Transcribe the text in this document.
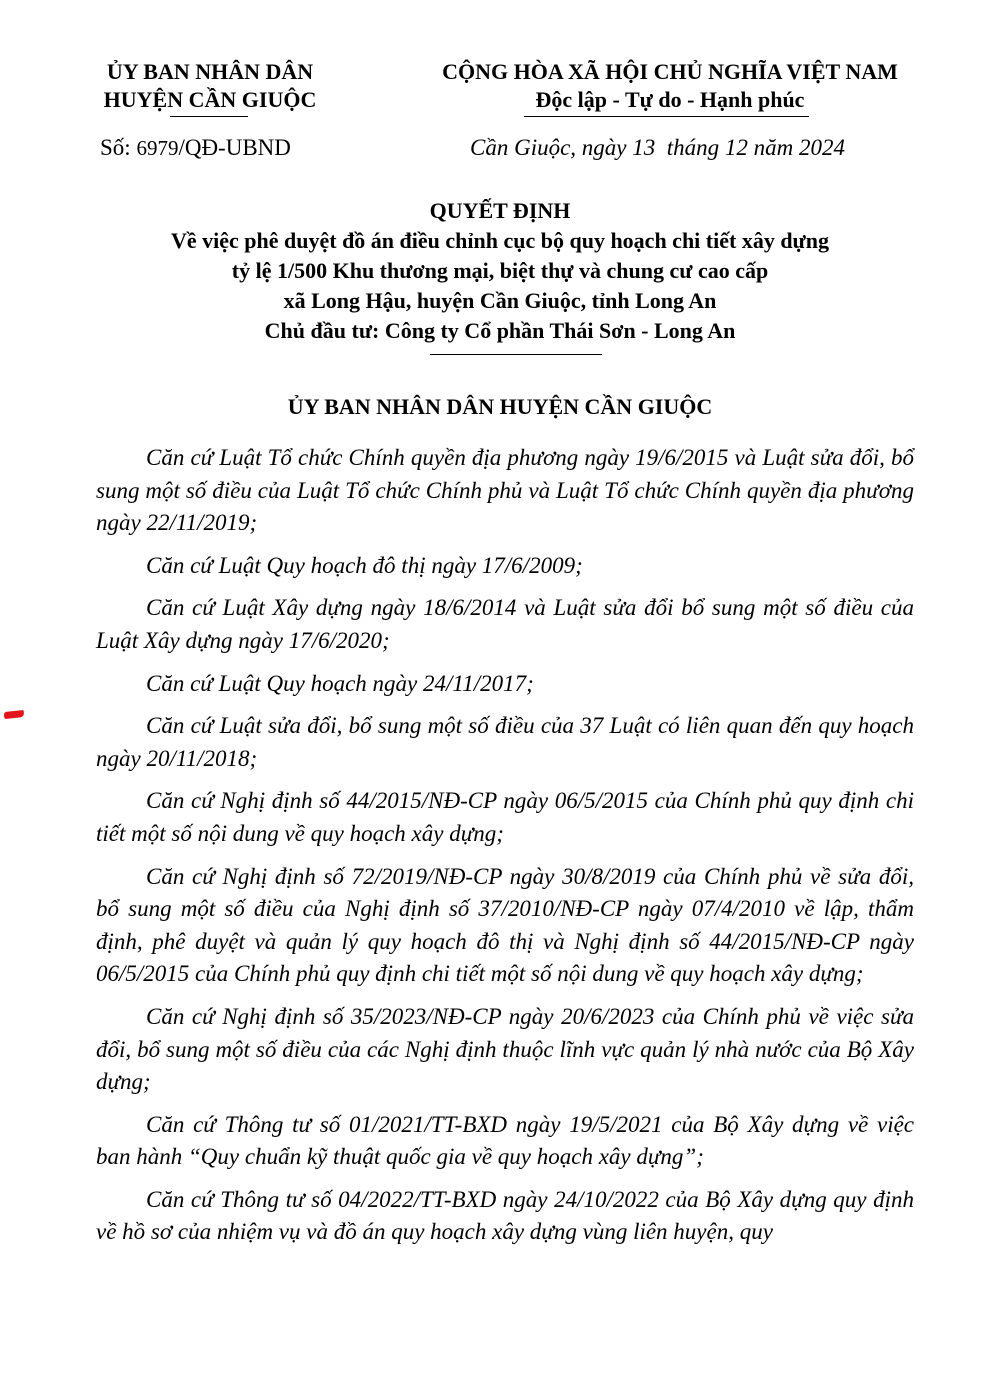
ỦY BAN NHÂN DÂN
HUYỆN CẦN GIUỘC
CỘNG HÒA XÃ HỘI CHỦ NGHĨA VIỆT NAM
Độc lập - Tự do - Hạnh phúc
Số: 6979/QĐ-UBND	Cần Giuộc, ngày 13  tháng 12 năm 2024
QUYẾT ĐỊNH
Về việc phê duyệt đồ án điều chỉnh cục bộ quy hoạch chi tiết xây dựng
tỷ lệ 1/500 Khu thương mại, biệt thự và chung cư cao cấp
xã Long Hậu, huyện Cần Giuộc, tỉnh Long An
Chủ đầu tư: Công ty Cổ phần Thái Sơn - Long An
ỦY BAN NHÂN DÂN HUYỆN CẦN GIUỘC

Căn cứ Luật Tổ chức Chính quyền địa phương ngày 19/6/2015 và Luật sửa đổi, bổ sung một số điều của Luật Tổ chức Chính phủ và Luật Tổ chức Chính quyền địa phương ngày 22/11/2019;

Căn cứ Luật Quy hoạch đô thị ngày 17/6/2009;

Căn cứ Luật Xây dựng ngày 18/6/2014 và Luật sửa đổi bổ sung một số điều của Luật Xây dựng ngày 17/6/2020;

Căn cứ Luật Quy hoạch ngày 24/11/2017;

Căn cứ Luật sửa đổi, bổ sung một số điều của 37 Luật có liên quan đến quy hoạch ngày 20/11/2018;

Căn cứ Nghị định số 44/2015/NĐ-CP ngày 06/5/2015 của Chính phủ quy định chi tiết một số nội dung về quy hoạch xây dựng;

Căn cứ Nghị định số 72/2019/NĐ-CP ngày 30/8/2019 của Chính phủ về sửa đổi, bổ sung một số điều của Nghị định số 37/2010/NĐ-CP ngày 07/4/2010 về lập, thẩm định, phê duyệt và quản lý quy hoạch đô thị và Nghị định số 44/2015/NĐ-CP ngày 06/5/2015 của Chính phủ quy định chi tiết một số nội dung về quy hoạch xây dựng;

Căn cứ Nghị định số 35/2023/NĐ-CP ngày 20/6/2023 của Chính phủ về việc sửa đổi, bổ sung một số điều của các Nghị định thuộc lĩnh vực quản lý nhà nước của Bộ Xây dựng;

Căn cứ Thông tư số 01/2021/TT-BXD ngày 19/5/2021 của Bộ Xây dựng về việc ban hành “Quy chuẩn kỹ thuật quốc gia về quy hoạch xây dựng”;

Căn cứ Thông tư số 04/2022/TT-BXD ngày 24/10/2022 của Bộ Xây dựng quy định về hồ sơ của nhiệm vụ và đồ án quy hoạch xây dựng vùng liên huyện, quy
